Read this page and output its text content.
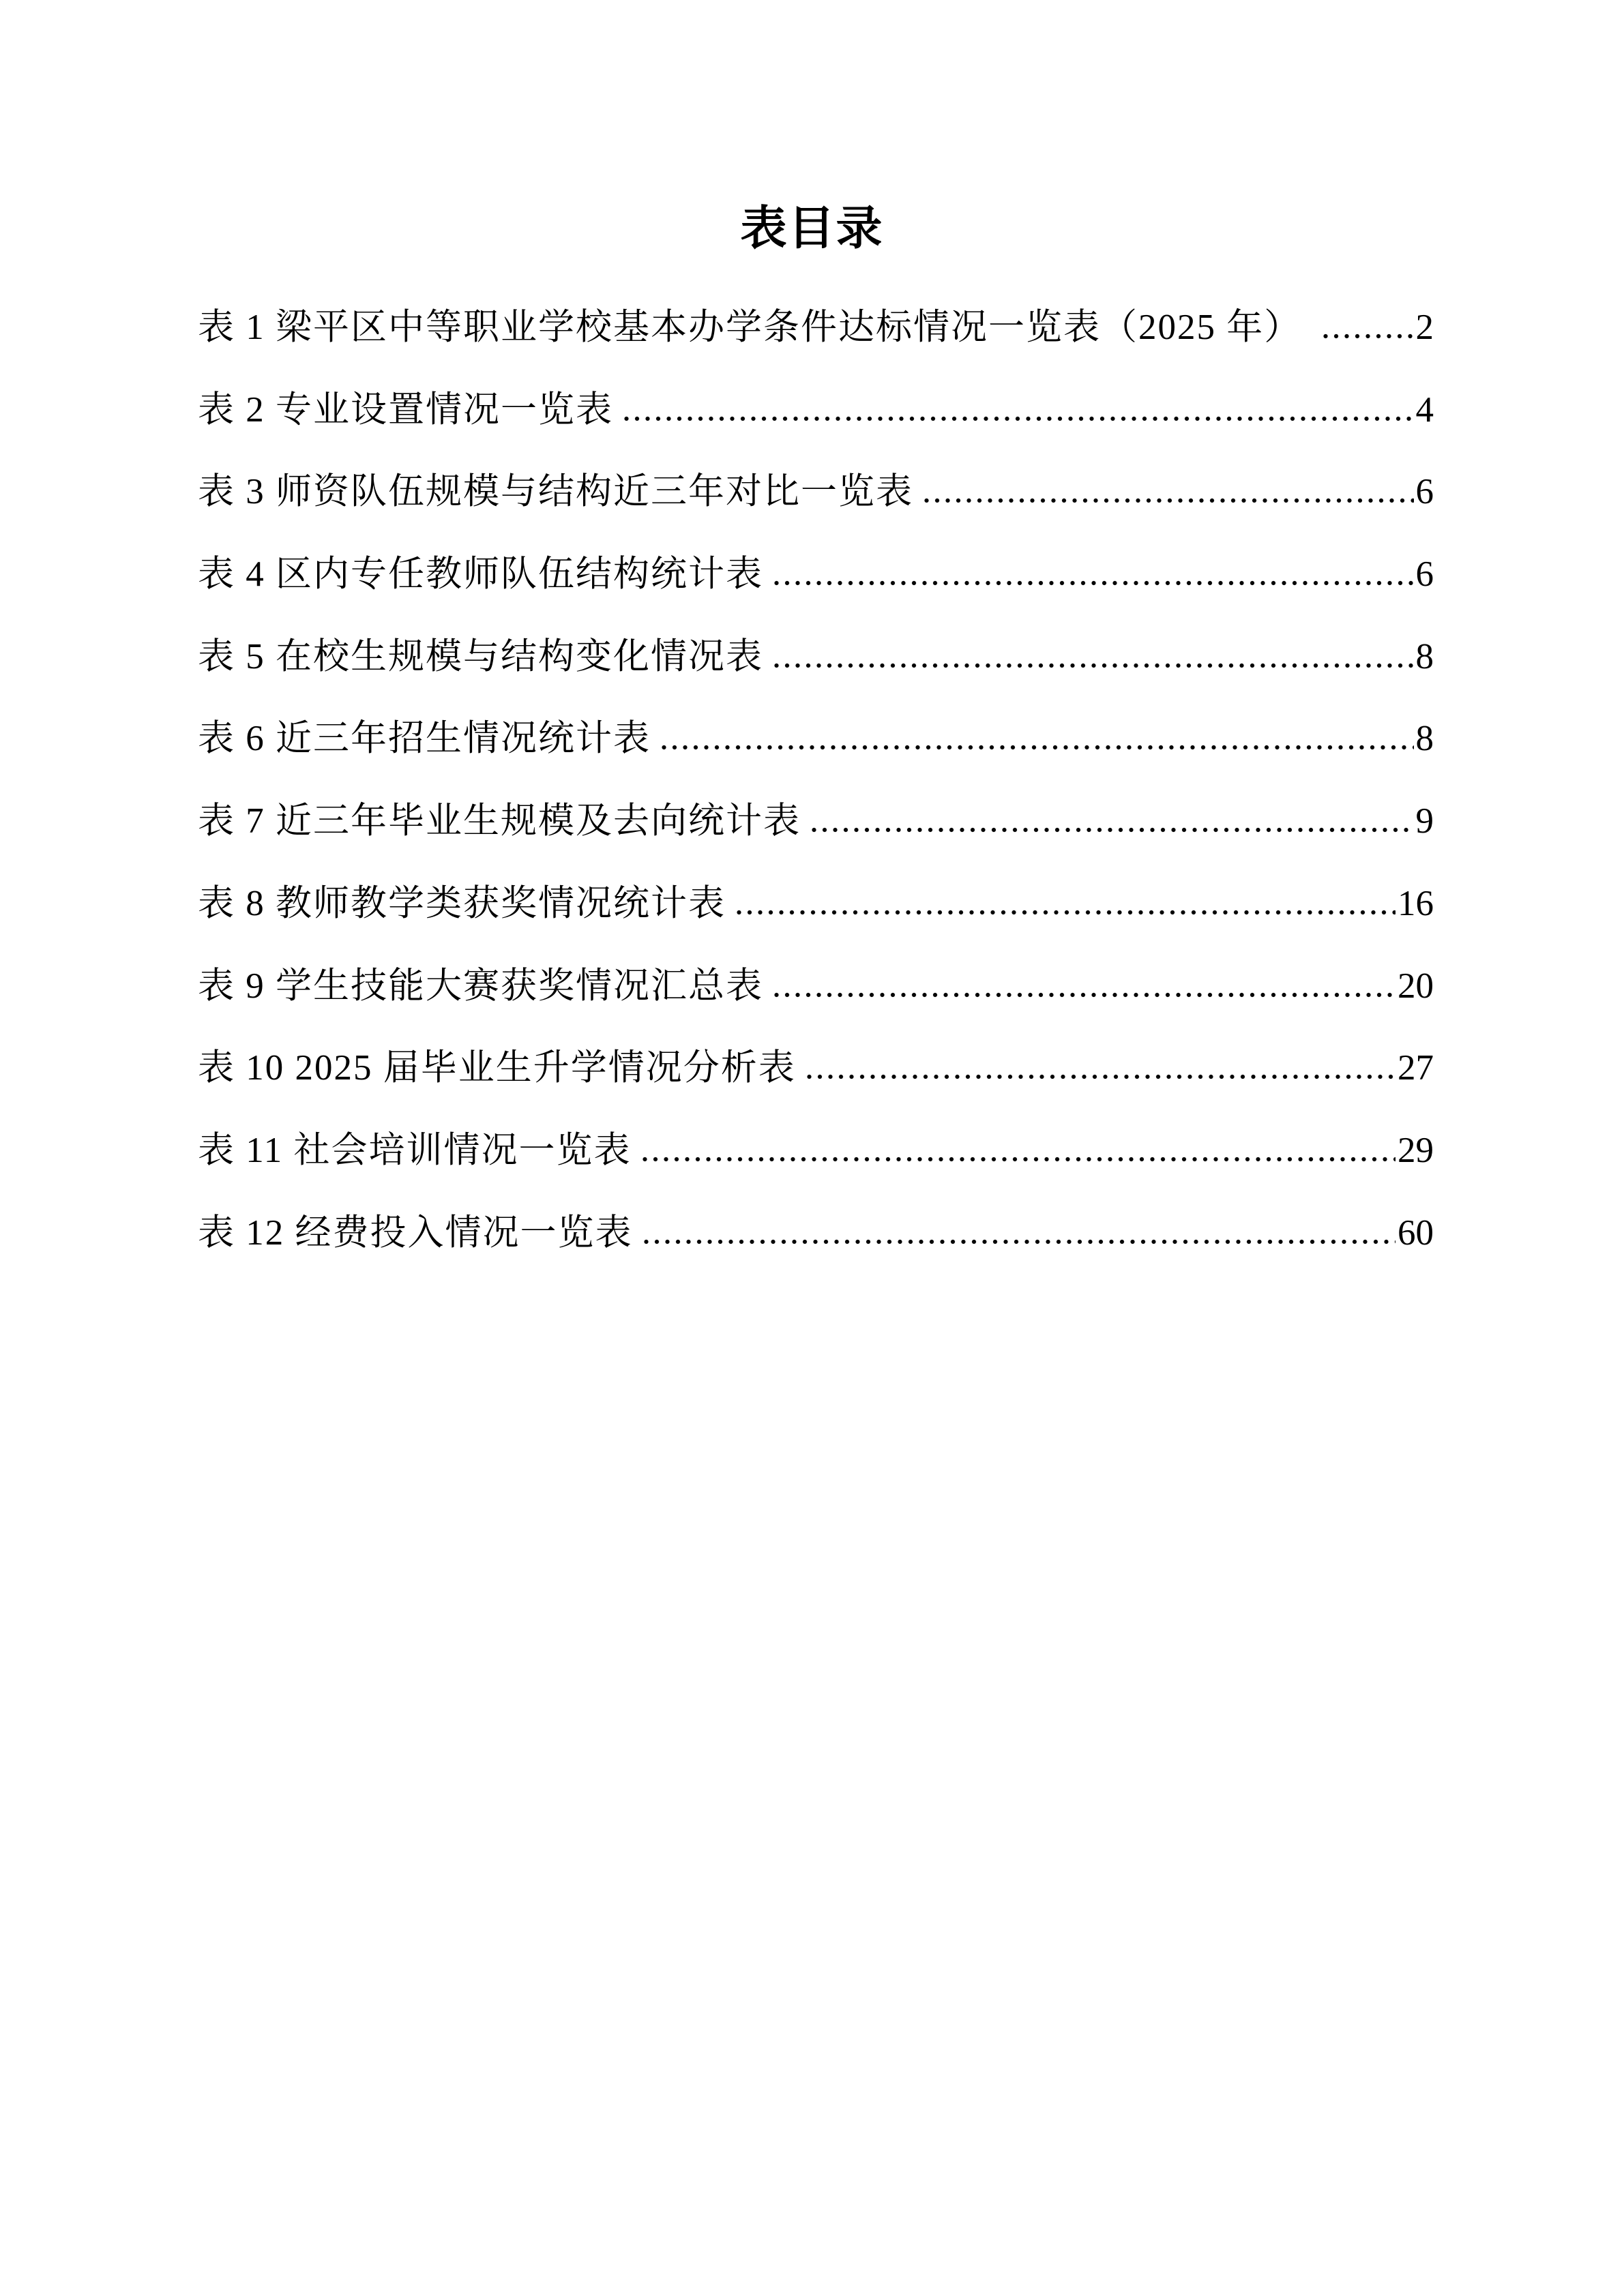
表目录
表 1 梁平区中等职业学校基本办学条件达标情况一览表（2025 年）	2
表 2 专业设置情况一览表	4
表 3 师资队伍规模与结构近三年对比一览表	6
表 4 区内专任教师队伍结构统计表	6
表 5 在校生规模与结构变化情况表	8
表 6 近三年招生情况统计表	8
表 7 近三年毕业生规模及去向统计表	9
表 8 教师教学类获奖情况统计表	16
表 9 学生技能大赛获奖情况汇总表	20
表 10 2025 届毕业生升学情况分析表	27
表 11 社会培训情况一览表	29
表 12 经费投入情况一览表	60
